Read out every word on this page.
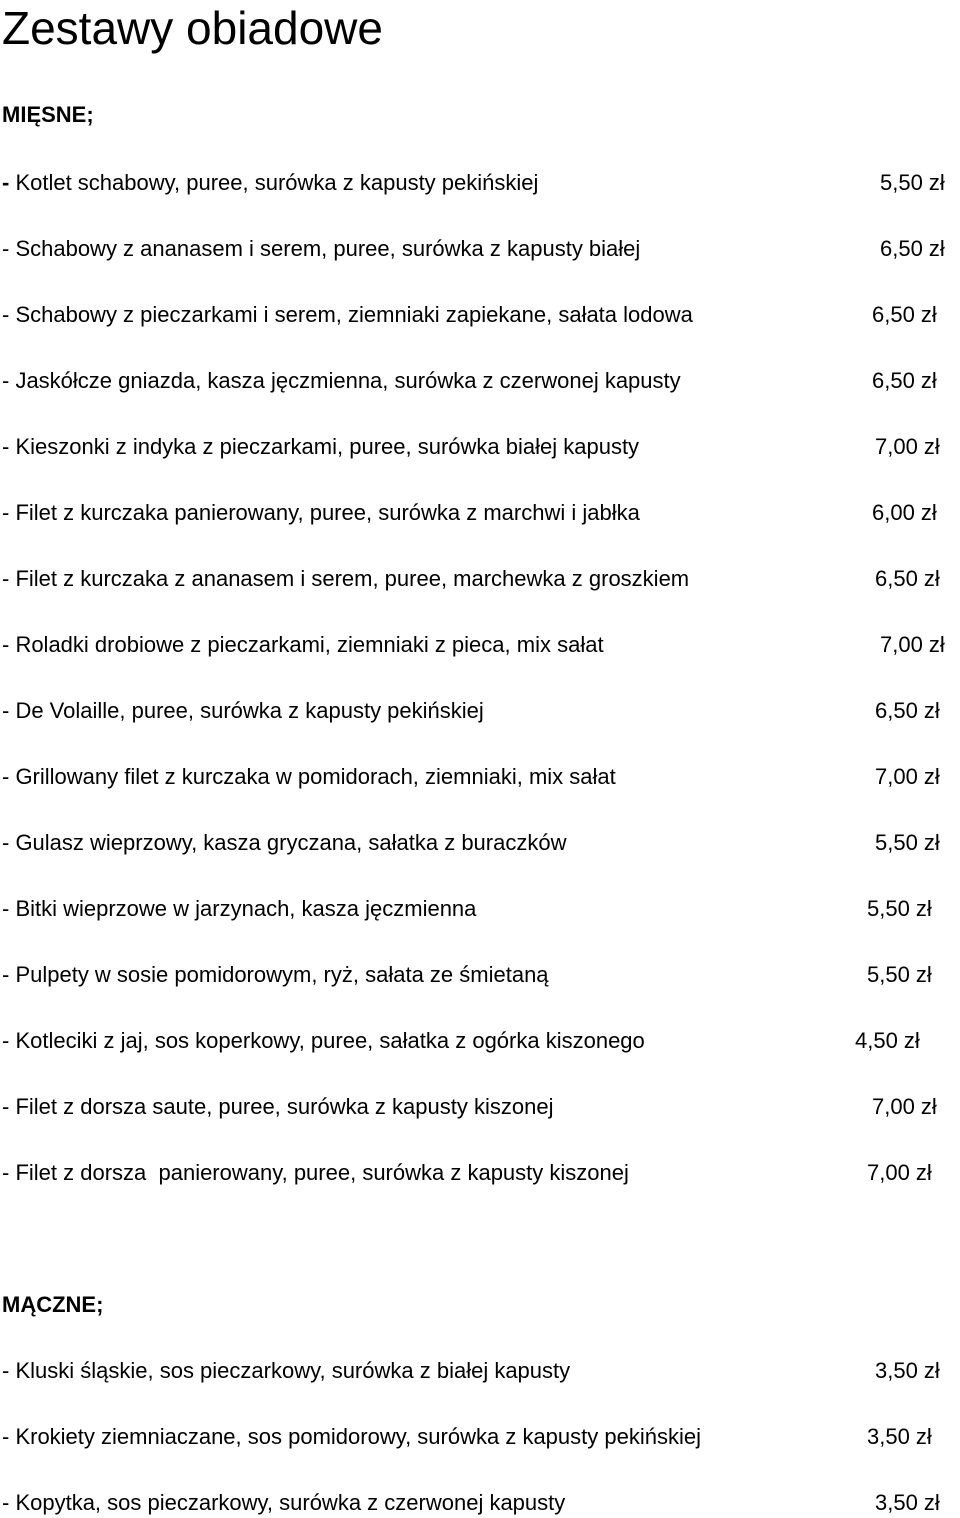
Zestawy obiadowe
MIĘSNE;
- Kotlet schabowy, puree, surówka z kapusty pekińskiej	5,50 zł
- Schabowy z ananasem i serem, puree, surówka z kapusty białej	6,50 zł
- Schabowy z pieczarkami i serem, ziemniaki zapiekane, sałata lodowa	6,50 zł
- Jaskółcze gniazda, kasza jęczmienna, surówka z czerwonej kapusty	6,50 zł
- Kieszonki z indyka z pieczarkami, puree, surówka białej kapusty	7,00 zł
- Filet z kurczaka panierowany, puree, surówka z marchwi i jabłka	6,00 zł
- Filet z kurczaka z ananasem i serem, puree, marchewka z groszkiem	6,50 zł
- Roladki drobiowe z pieczarkami, ziemniaki z pieca, mix sałat	7,00 zł
- De Volaille, puree, surówka z kapusty pekińskiej	6,50 zł
- Grillowany filet z kurczaka w pomidorach, ziemniaki, mix sałat	7,00 zł
- Gulasz wieprzowy, kasza gryczana, sałatka z buraczków	5,50 zł
- Bitki wieprzowe w jarzynach, kasza jęczmienna	5,50 zł
- Pulpety w sosie pomidorowym, ryż, sałata ze śmietaną	5,50 zł
- Kotleciki z jaj, sos koperkowy, puree, sałatka z ogórka kiszonego	4,50 zł
- Filet z dorsza saute, puree, surówka z kapusty kiszonej	7,00 zł
- Filet z dorsza  panierowany, puree, surówka z kapusty kiszonej	7,00 zł
MĄCZNE;
- Kluski śląskie, sos pieczarkowy, surówka z białej kapusty	3,50 zł
- Krokiety ziemniaczane, sos pomidorowy, surówka z kapusty pekińskiej	3,50 zł
- Kopytka, sos pieczarkowy, surówka z czerwonej kapusty	3,50 zł
